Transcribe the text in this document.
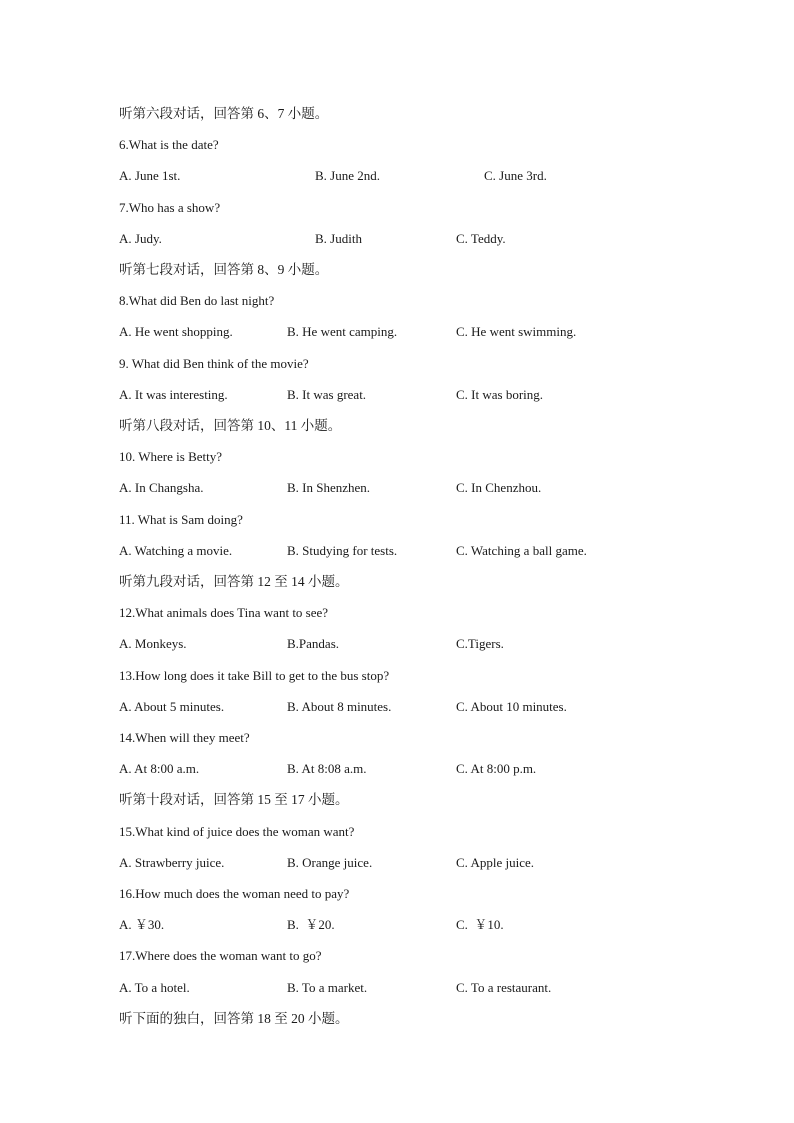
听第六段对话，回答第 6、7 小题。
6.What is the date?
A. June 1st.	B. June 2nd.	C. June 3rd.
7.Who has a show?
A. Judy.	B. Judith	C. Teddy.
听第七段对话，回答第 8、9 小题。
8.What did Ben do last night?
A. He went shopping.	B. He went camping.	C. He went swimming.
9. What did Ben think of the movie?
A. It was interesting.	B. It was great.	C. It was boring.
听第八段对话，回答第 10、11 小题。
10. Where is Betty?
A. In Changsha.	B. In Shenzhen.	C. In Chenzhou.
11. What is Sam doing?
A. Watching a movie.	B. Studying for tests.	C. Watching a ball game.
听第九段对话，回答第 12 至 14 小题。
12.What animals does Tina want to see?
A. Monkeys.	B.Pandas.	C.Tigers.
13.How long does it take Bill to get to the bus stop?
A. About 5 minutes.	B. About 8 minutes.	C. About 10 minutes.
14.When will they meet?
A. At 8:00 a.m.	B. At 8:08 a.m.	C. At 8:00 p.m.
听第十段对话，回答第 15 至 17 小题。
15.What kind of juice does the woman want?
A. Strawberry juice.	B. Orange juice.	C. Apple juice.
16.How much does the woman need to pay?
A. ￥30.	B.  ￥20.	C.  ￥10.
17.Where does the woman want to go?
A. To a hotel.	B. To a market.	C. To a restaurant.
听下面的独白，回答第 18 至 20 小题。
